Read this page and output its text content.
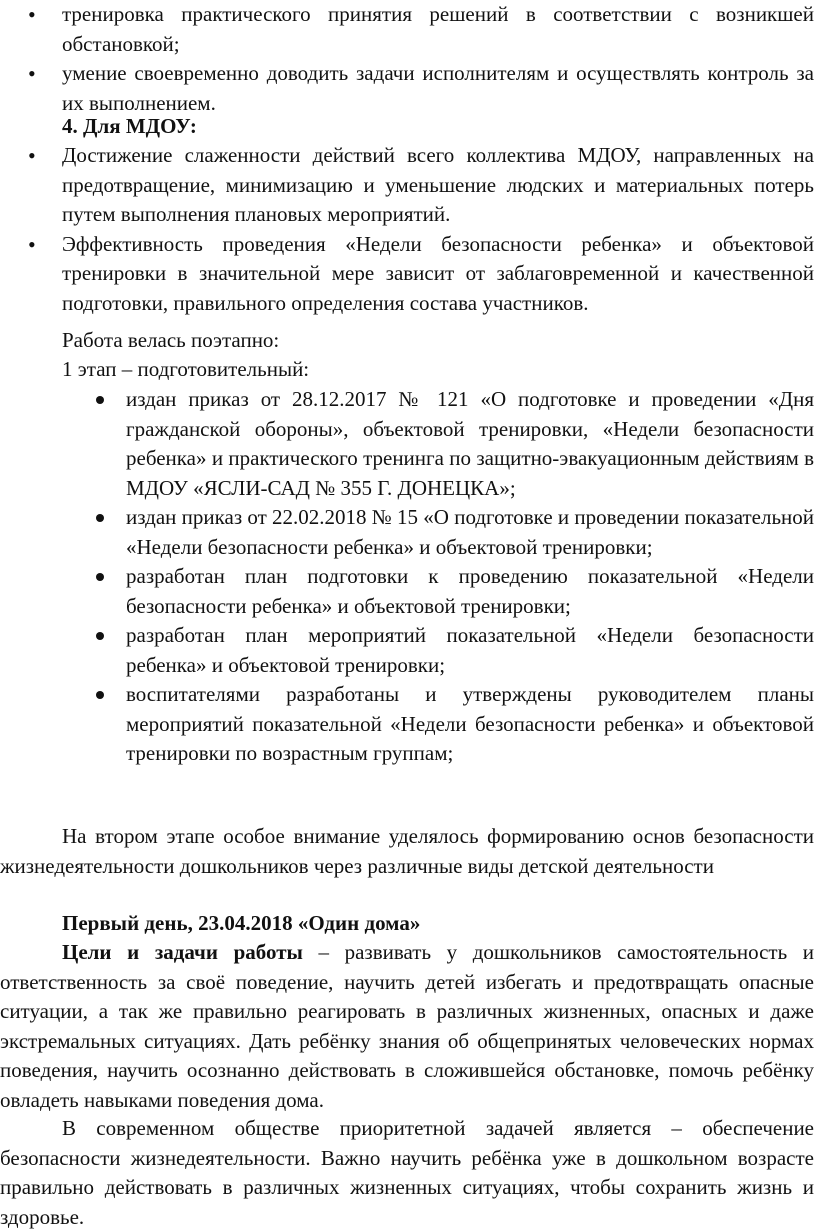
• тренировка практического принятия решений в соответствии с возникшей обстановкой;
• умение своевременно доводить задачи исполнителям и осуществлять контроль за их выполнением.

4. Для МДОУ:

• Достижение слаженности действий всего коллектива МДОУ, направленных на предотвращение, минимизацию и уменьшение людских и материальных потерь путем выполнения плановых мероприятий.
• Эффективность проведения «Недели безопасности ребенка» и объектовой тренировки в значительной мере зависит от заблаговременной и качественной подготовки, правильного определения состава участников.

Работа велась поэтапно:

1 этап – подготовительный:

издан приказ от 28.12.2017 № 121 «О подготовке и проведении «Дня гражданской обороны», объектовой тренировки, «Недели безопасности ребенка» и практического тренинга по защитно-эвакуационным действиям в МДОУ «ЯСЛИ-САД № 355 Г. ДОНЕЦКА»;
издан приказ от 22.02.2018 № 15 «О подготовке и проведении показательной «Недели безопасности ребенка» и объектовой тренировки;
разработан план подготовки к проведению показательной «Недели безопасности ребенка» и объектовой тренировки;
разработан план мероприятий показательной «Недели безопасности ребенка» и объектовой тренировки;
воспитателями разработаны и утверждены руководителем планы мероприятий показательной «Недели безопасности ребенка» и объектовой тренировки по возрастным группам;

На втором этапе особое внимание уделялось формированию основ безопасности жизнедеятельности дошкольников через различные виды детской деятельности

Первый день, 23.04.2018 «Один дома»

Цели и задачи работы – развивать у дошкольников самостоятельность и ответственность за своё поведение, научить детей избегать и предотвращать опасные ситуации, а так же правильно реагировать в различных жизненных, опасных и даже экстремальных ситуациях. Дать ребёнку знания об общепринятых человеческих нормах поведения, научить осознанно действовать в сложившейся обстановке, помочь ребёнку овладеть навыками поведения дома.

В современном обществе приоритетной задачей является – обеспечение безопасности жизнедеятельности. Важно научить ребёнка уже в дошкольном возрасте правильно действовать в различных жизненных ситуациях, чтобы сохранить жизнь и здоровье.
